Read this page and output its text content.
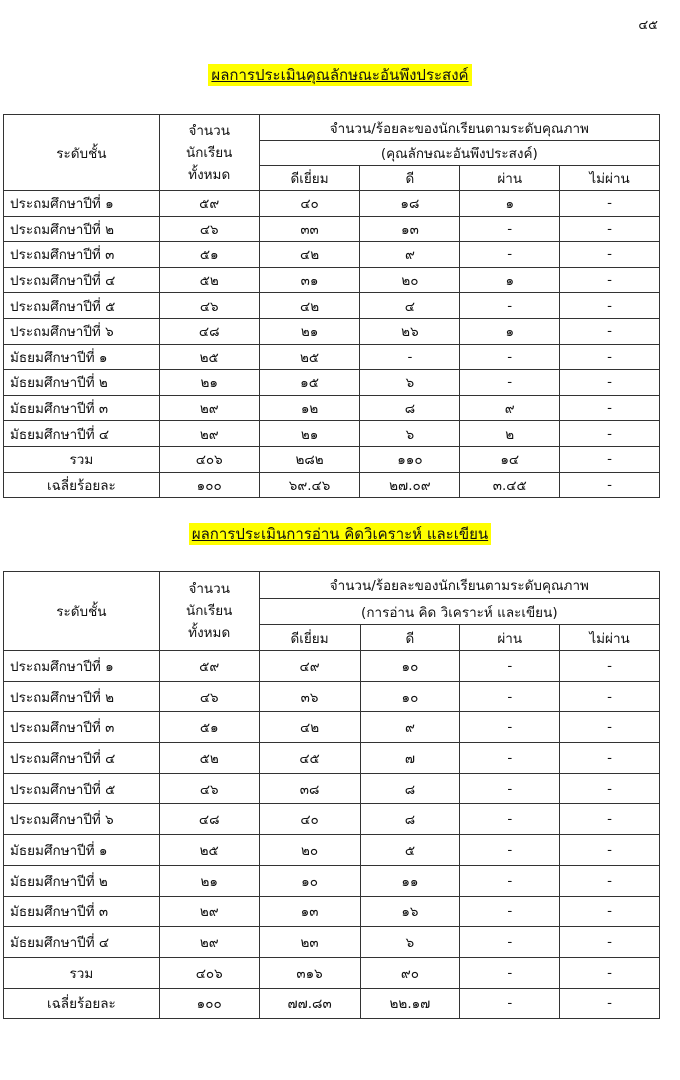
๔๕
ผลการประเมินคุณลักษณะอันพึงประสงค์
ระดับชั้น	จำนวน
นักเรียน
ทั้งหมด	จำนวน/ร้อยละของนักเรียนตามระดับคุณภาพ			
		(คุณลักษณะอันพึงประสงค์)			
		ดีเยี่ยม	ดี	ผ่าน	ไม่ผ่าน
ประถมศึกษาปีที่ ๑	๕๙	๔๐	๑๘	๑	-
ประถมศึกษาปีที่ ๒	๔๖	๓๓	๑๓	-	-
ประถมศึกษาปีที่ ๓	๕๑	๔๒	๙	-	-
ประถมศึกษาปีที่ ๔	๕๒	๓๑	๒๐	๑	-
ประถมศึกษาปีที่ ๕	๔๖	๔๒	๔	-	-
ประถมศึกษาปีที่ ๖	๔๘	๒๑	๒๖	๑	-
มัธยมศึกษาปีที่ ๑	๒๕	๒๕	-	-	-
มัธยมศึกษาปีที่ ๒	๒๑	๑๕	๖	-	-
มัธยมศึกษาปีที่ ๓	๒๙	๑๒	๘	๙	-
มัธยมศึกษาปีที่ ๔	๒๙	๒๑	๖	๒	-
รวม	๔๐๖	๒๘๒	๑๑๐	๑๔	-
เฉลี่ยร้อยละ	๑๐๐	๖๙.๔๖	๒๗.๐๙	๓.๔๕	-
ผลการประเมินการอ่าน คิดวิเคราะห์ และเขียน
ระดับชั้น	จำนวน
นักเรียน
ทั้งหมด	จำนวน/ร้อยละของนักเรียนตามระดับคุณภาพ			
		(การอ่าน คิด วิเคราะห์ และเขียน)			
		ดีเยี่ยม	ดี	ผ่าน	ไม่ผ่าน
ประถมศึกษาปีที่ ๑	๕๙	๔๙	๑๐	-	-
ประถมศึกษาปีที่ ๒	๔๖	๓๖	๑๐	-	-
ประถมศึกษาปีที่ ๓	๕๑	๔๒	๙	-	-
ประถมศึกษาปีที่ ๔	๕๒	๔๕	๗	-	-
ประถมศึกษาปีที่ ๕	๔๖	๓๘	๘	-	-
ประถมศึกษาปีที่ ๖	๔๘	๔๐	๘	-	-
มัธยมศึกษาปีที่ ๑	๒๕	๒๐	๕	-	-
มัธยมศึกษาปีที่ ๒	๒๑	๑๐	๑๑	-	-
มัธยมศึกษาปีที่ ๓	๒๙	๑๓	๑๖	-	-
มัธยมศึกษาปีที่ ๔	๒๙	๒๓	๖	-	-
รวม	๔๐๖	๓๑๖	๙๐	-	-
เฉลี่ยร้อยละ	๑๐๐	๗๗.๘๓	๒๒.๑๗	-	-
